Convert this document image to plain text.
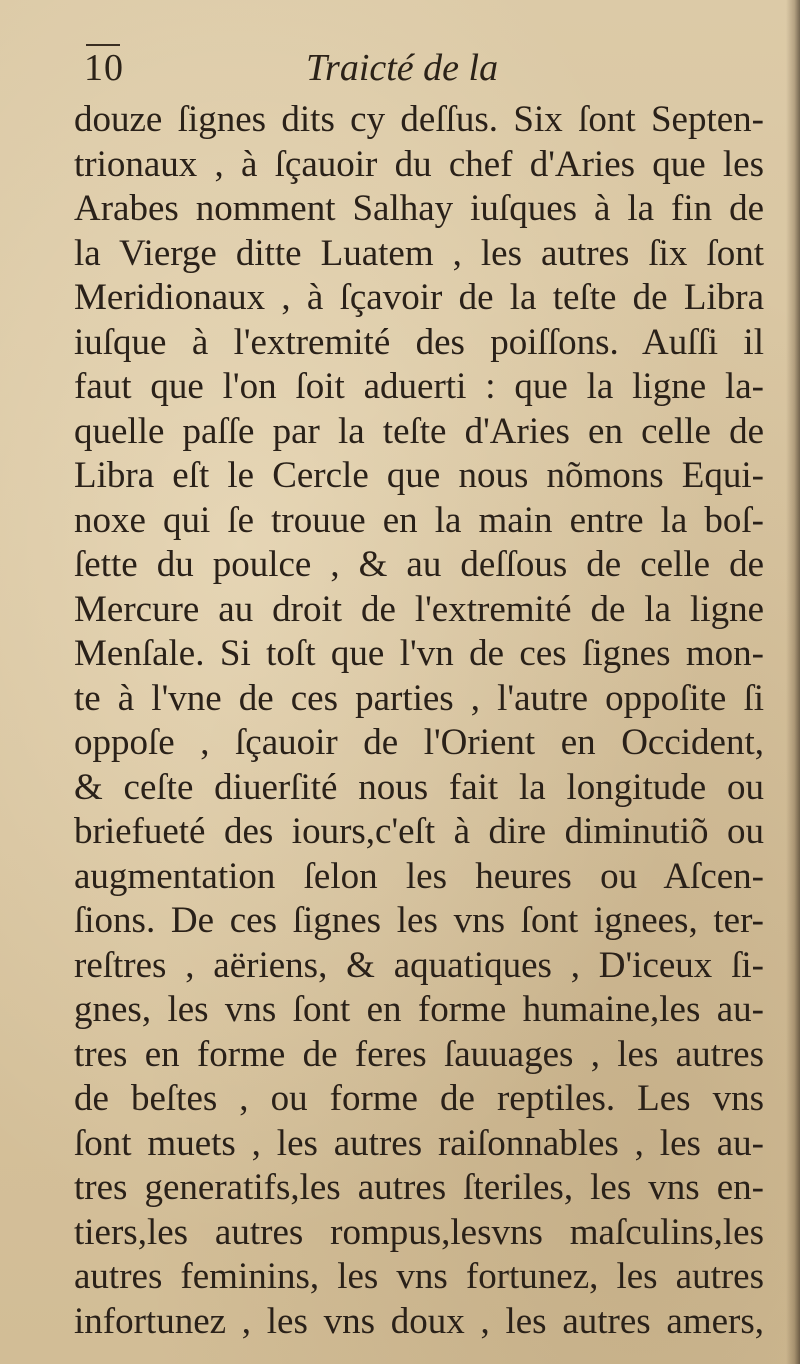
10	Traicté de la
douze ſignes dits cy deſſus. Six ſont Septen-
trionaux , à ſçauoir du chef d'Aries que les
Arabes nomment Salhay iuſques à la fin de
la Vierge ditte Luatem , les autres ſix ſont
Meridionaux , à ſçavoir de la teſte de Libra
iuſque à l'extremité des poiſſons. Auſſi il
faut que l'on ſoit aduerti : que la ligne la-
quelle paſſe par la teſte d'Aries en celle de
Libra eſt le Cercle que nous nõmons Equi-
noxe qui ſe trouue en la main entre la boſ-
ſette du poulce , & au deſſous de celle de
Mercure au droit de l'extremité de la ligne
Menſale. Si toſt que l'vn de ces ſignes mon-
te à l'vne de ces parties , l'autre oppoſite ſi
oppoſe , ſçauoir de l'Orient en Occident,
& ceſte diuerſité nous fait la longitude ou
briefueté des iours,c'eſt à dire diminutiõ ou
augmentation ſelon les heures ou Aſcen-
ſions. De ces ſignes les vns ſont ignees, ter-
reſtres , aëriens, & aquatiques , D'iceux ſi-
gnes, les vns ſont en forme humaine,les au-
tres en forme de feres ſauuages , les autres
de beſtes , ou forme de reptiles. Les vns
ſont muets , les autres raiſonnables , les au-
tres generatifs,les autres ſteriles, les vns en-
tiers,les autres rompus,lesvns maſculins,les
autres feminins, les vns fortunez, les autres
infortunez , les vns doux , les autres amers,
